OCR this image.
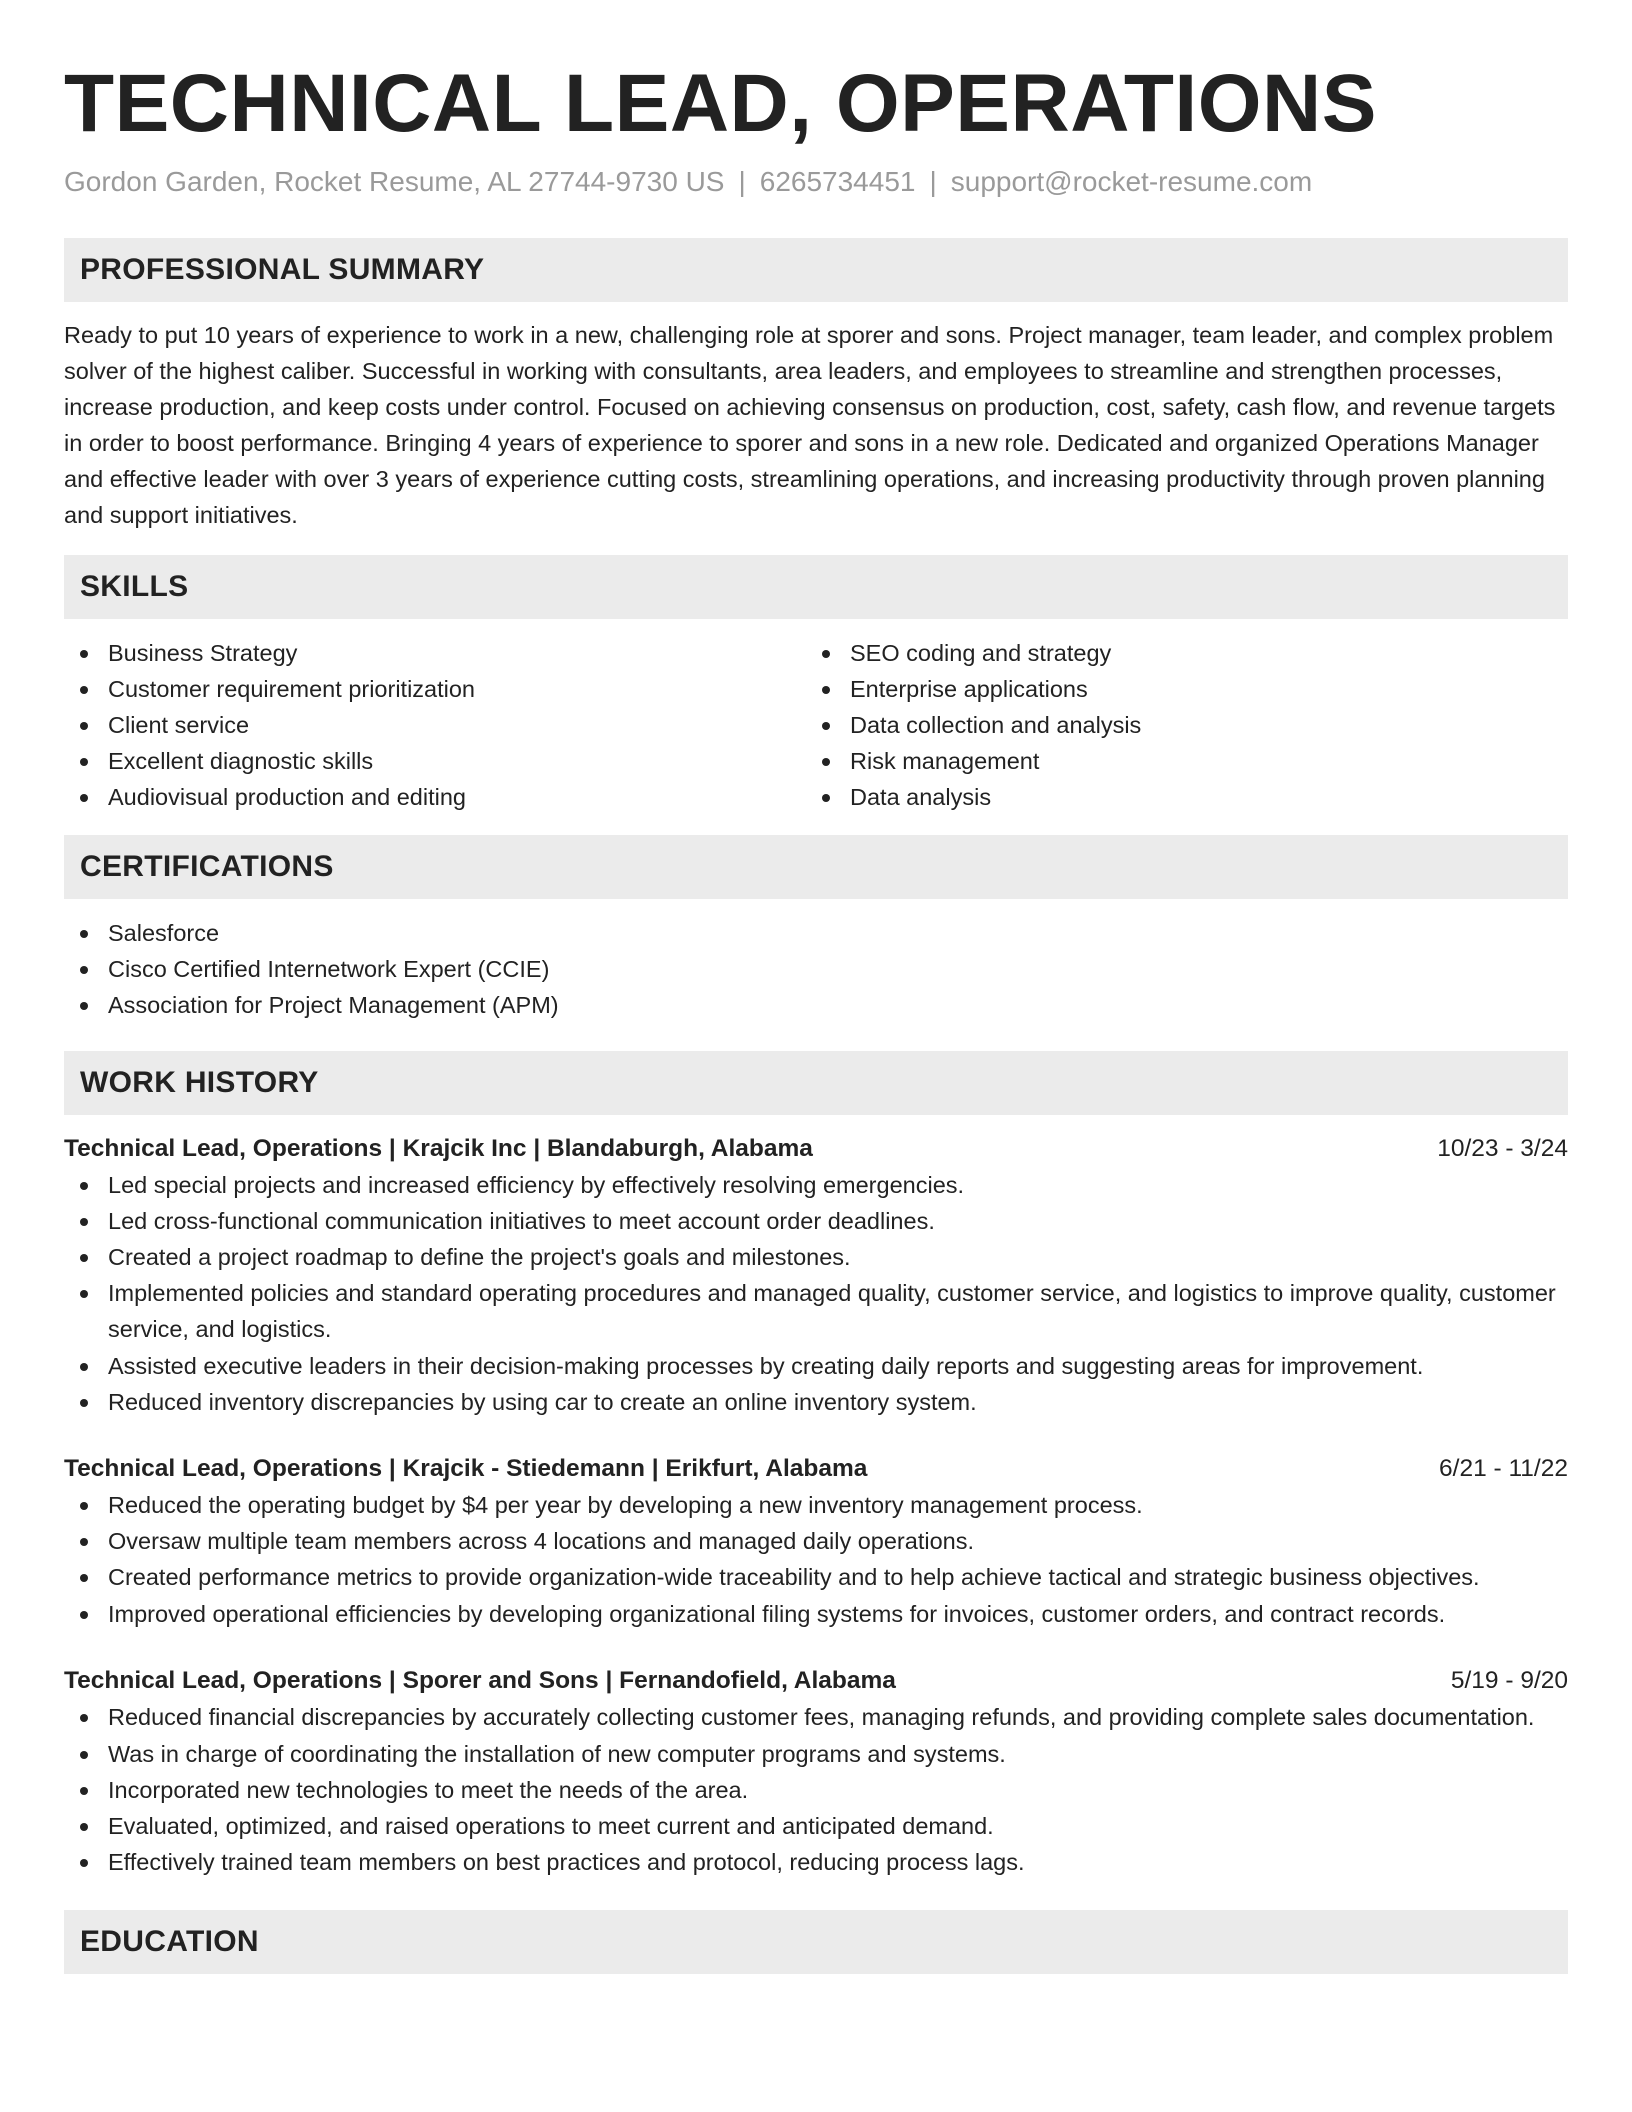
TECHNICAL LEAD, OPERATIONS
Gordon Garden, Rocket Resume, AL 27744-9730 US | 6265734451 | support@rocket-resume.com
PROFESSIONAL SUMMARY

Ready to put 10 years of experience to work in a new, challenging role at sporer and sons. Project manager, team leader, and complex problem solver of the highest caliber. Successful in working with consultants, area leaders, and employees to streamline and strengthen processes, increase production, and keep costs under control. Focused on achieving consensus on production, cost, safety, cash flow, and revenue targets in order to boost performance. Bringing 4 years of experience to sporer and sons in a new role. Dedicated and organized Operations Manager and effective leader with over 3 years of experience cutting costs, streamlining operations, and increasing productivity through proven planning and support initiatives.

SKILLS
Business Strategy
Customer requirement prioritization
Client service
Excellent diagnostic skills
Audiovisual production and editing
SEO coding and strategy
Enterprise applications
Data collection and analysis
Risk management
Data analysis
CERTIFICATIONS
Salesforce
Cisco Certified Internetwork Expert (CCIE)
Association for Project Management (APM)
WORK HISTORY
Technical Lead, Operations | Krajcik Inc | Blandaburgh, Alabama	10/23 - 3/24
Led special projects and increased efficiency by effectively resolving emergencies.
Led cross-functional communication initiatives to meet account order deadlines.
Created a project roadmap to define the project's goals and milestones.
Implemented policies and standard operating procedures and managed quality, customer service, and logistics to improve quality, customer service, and logistics.
Assisted executive leaders in their decision-making processes by creating daily reports and suggesting areas for improvement.
Reduced inventory discrepancies by using car to create an online inventory system.
Technical Lead, Operations | Krajcik - Stiedemann | Erikfurt, Alabama	6/21 - 11/22
Reduced the operating budget by $4 per year by developing a new inventory management process.
Oversaw multiple team members across 4 locations and managed daily operations.
Created performance metrics to provide organization-wide traceability and to help achieve tactical and strategic business objectives.
Improved operational efficiencies by developing organizational filing systems for invoices, customer orders, and contract records.
Technical Lead, Operations | Sporer and Sons | Fernandofield, Alabama	5/19 - 9/20
Reduced financial discrepancies by accurately collecting customer fees, managing refunds, and providing complete sales documentation.
Was in charge of coordinating the installation of new computer programs and systems.
Incorporated new technologies to meet the needs of the area.
Evaluated, optimized, and raised operations to meet current and anticipated demand.
Effectively trained team members on best practices and protocol, reducing process lags.
EDUCATION
